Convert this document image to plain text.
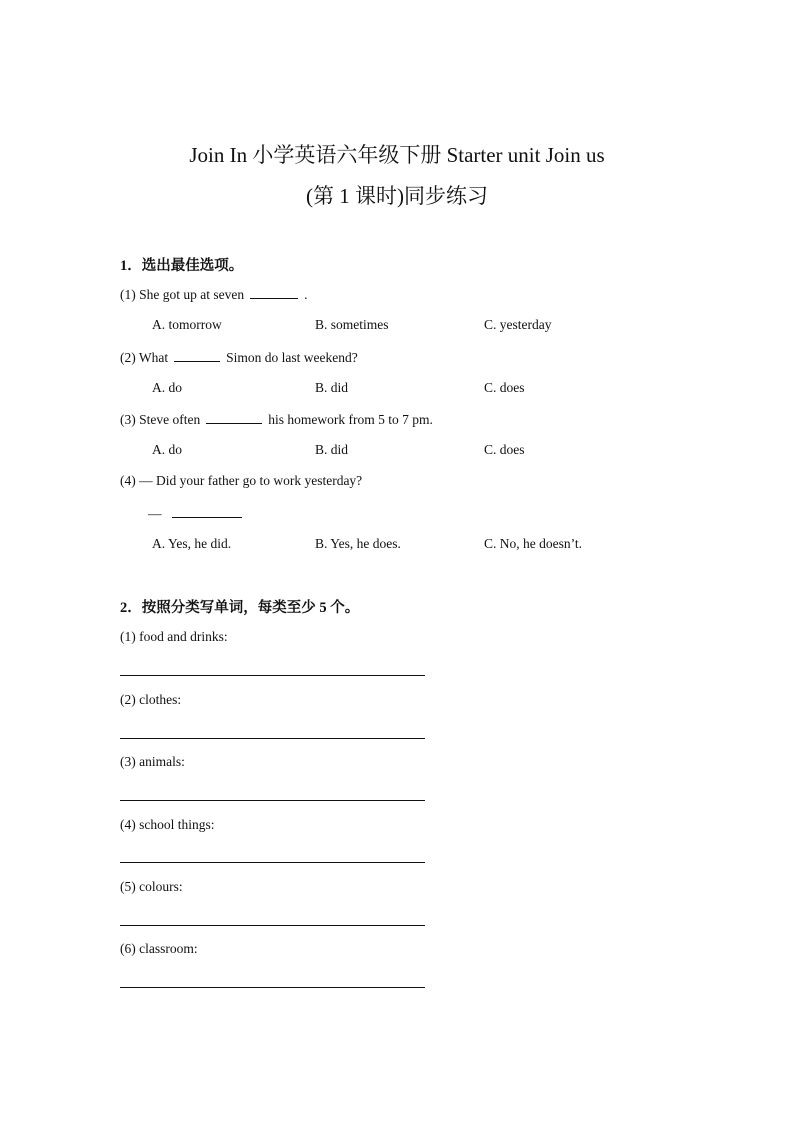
Join In 小学英语六年级下册 Starter unit Join us
(第 1 课时)同步练习
1．选出最佳选项。
(1) She got up at seven	.
A. tomorrow	B. sometimes	C. yesterday
(2) What	Simon do last weekend?
A. do	B. did	C. does
(3) Steve often	his homework from 5 to 7 pm.
A. do	B. did	C. does
(4) — Did your father go to work yesterday?
—
A. Yes, he did.	B. Yes, he does.	C. No, he doesn’t.
2．按照分类写单词，每类至少 5 个。
(1) food and drinks:
(2) clothes:
(3) animals:
(4) school things:
(5) colours:
(6) classroom:
